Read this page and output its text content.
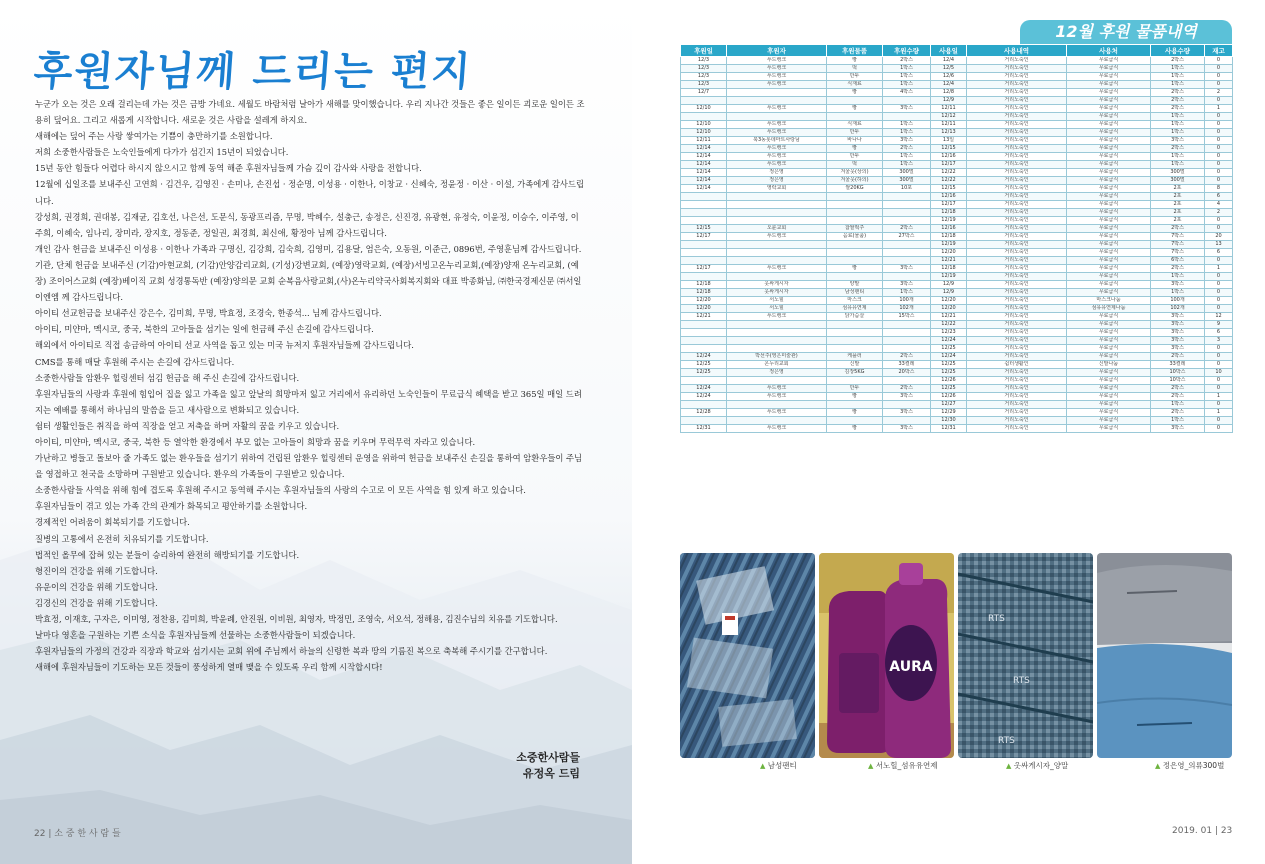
후원자님께 드리는 편지

누군가 오는 것은 오래 걸리는데 가는 것은 금방 가네요. 세월도 바람처럼 날아가 새해를 맞이했습니다. 우리 지나간 것들은 좋은 일이든 괴로운 일이든 조용히 덮어요. 그리고 새롭게 시작합니다. 새로운 것은 사람을 설레게 하지요.

새해에는 덮어 주는 사랑 쌓여가는 기쁨이 충만하기를 소원합니다.

저희 소중한사람들은 노숙인들에게 다가가 섬긴지 15년이 되었습니다.

15년 동안 힘들다 어렵다 하시지 않으시고 함께 동역 해준 후원자님들께 가슴 깊이 감사와 사랑을 전합니다.

12월에 십일조를 보내주신 고연희 · 김건우, 김영진 · 손미나, 손진섭 · 정순명, 이성용 · 이한나, 이창교 · 신혜숙, 정윤정 · 이산 · 이설, 가족에게 감사드립니다.

강성희, 권경희, 권대봉, 김재균, 김호선, 나은선, 도문식, 동광프리즘, 무명, 박혜수, 설충근, 송정은, 신진경, 유광현, 유정숙, 이윤정, 이승수, 이주영, 이주희, 이혜숙, 임나리, 장미라, 장지호, 정동준, 정일권, 최경희, 최신애, 황정아 님께 감사드립니다.

개인 감사 헌금을 보내주신 이성용 · 이한나 가족과 구명신, 김강희, 김숙희, 김영미, 김용달, 엄은숙, 오동원, 이준근, 0896번, 주영훈님께 감사드립니다.

기관, 단체 헌금을 보내주신 (기감)아현교회, (기감)안양감리교회, (기성)강변교회, (예장)영락교회, (예장)서빙고온누리교회,(예장)양재 온누리교회, (예장) 조이어스교회 (예장)베이직 교회 성경통독반 (예장)양의문 교회 순복음사랑교회,(사)온누리약국사회복지회와 대표 박종화님, ㈜한국경제신문 ㈜서일이엔엠 께 감사드립니다.

아이티 선교헌금을 보내주신 강은수, 김미희, 무명, 박효정, 조경숙, 한종석... 님께 감사드립니다.

아이티, 미얀마, 멕시코, 중국, 북한의 고아들을 섬기는 일에 헌금해 주신 손길에 감사드립니다.

해외에서 아이티로 직접 송금하여 아이티 선교 사역을 돕고 있는 미국 뉴저지 후원자님들께 감사드립니다.

CMS를 통해 매달 후원해 주시는 손길에 감사드립니다.

소중한사람들 암환우 힐링센터 섬김 헌금을 해 주신 손길에 감사드립니다.

후원자님들의 사랑과 후원에 힘입어 집을 잃고 가족을 잃고 앞날의 희망마저 잃고 거리에서 유리하던 노숙인들이 무료급식 혜택을 받고 365일 매일 드려지는 예배를 통해서 하나님의 말씀을 듣고 새사람으로 변화되고 있습니다.

쉼터 생활인들은 취직을 하여 직장을 얻고 저축을 하며 자활의 꿈을 키우고 있습니다.

아이티, 미얀마, 멕시코, 중국, 북한 등 열악한 환경에서 부모 없는 고아들이 희망과 꿈을 키우며 무럭무럭 자라고 있습니다.

가난하고 병들고 돌보아 줄 가족도 없는 환우들을 섬기기 위하여 건립된 암환우 힐링센터 운영을 위하여 헌금을 보내주신 손길을 통하여 암환우들이 주님을 영접하고 천국을 소망하며 구원받고 있습니다. 환우의 가족들이 구원받고 있습니다.

소중한사람들 사역을 위해 힘에 겹도록 후원해 주시고 동역해 주시는 후원자님들의 사랑의 수고로 이 모든 사역을 힘 있게 하고 있습니다.

후원자님들이 겪고 있는 가족 간의 관계가 화목되고 평안하기를 소원합니다.

경제적인 어려움이 회복되기를 기도합니다.

질병의 고통에서 온전히 치유되기를 기도합니다.

법적인 올무에 잡혀 있는 분들이 승리하여 완전히 해방되기를 기도합니다.

형진이의 건강을 위해 기도합니다.

유운이의 건강을 위해 기도합니다.

김경신의 건강을 위해 기도합니다.

박효정, 이재호, 구자은, 이미영, 정찬용, 김미희, 박윤례, 안진원, 이비원, 최영자, 박정민, 조영숙, 서오석, 정해용, 김진수님의 치유를 기도합니다.

날마다 영혼을 구원하는 기쁜 소식을 후원자님들께 선물하는 소중한사람들이 되겠습니다.

후원자님들의 가정의 건강과 직장과 학교와 섬기시는 교회 위에 주님께서 하늘의 신령한 복과 땅의 기름진 복으로 축복해 주시기를 간구합니다.

새해에 후원자님들이 기도하는 모든 것들이 풍성하게 열매 맺을 수 있도록 우리 함께 시작합시다!

소중한사람들
유정옥 드림
22 | 소 중 한 사 람 들
12월 후원 물품내역
후원일	후원자	후원물품	후원수량	사용일	사용내역	사용처	사용수량	재고
12/3	푸드뱅크	빵	2박스	12/4	거리노숙인	무료급식	2박스	0
12/3	푸드뱅크	떡	1박스	12/5	거리노숙인	무료급식	1박스	0
12/3	푸드뱅크	만두	1박스	12/6	거리노숙인	무료급식	1박스	0
12/3	푸드뱅크	식재료	1박스	12/4	거리노숙인	무료급식	1박스	0
12/7		빵	4박스	12/8	거리노숙인	무료급식	2박스	2
				12/9	거리노숙인	무료급식	2박스	0
12/10	푸드뱅크	빵	3박스	12/11	거리노숙인	무료급식	2박스	1
				12/12	거리노숙인	무료급식	1박스	0
12/10	푸드뱅크	식재료	1박스	12/11	거리노숙인	무료급식	1박스	0
12/10	푸드뱅크	만두	1박스	12/13	거리노숙인	무료급식	1박스	0
12/11	북3동롯데마트사랑님	바나나	3박스	13일	거리노숙인	무료급식	3박스	0
12/14	푸드뱅크	빵	2박스	12/15	거리노숙인	무료급식	2박스	0
12/14	푸드뱅크	만두	1박스	12/16	거리노숙인	무료급식	1박스	0
12/14	푸드뱅크	떡	1박스	12/17	거리노숙인	무료급식	1박스	0
12/14	정은영	겨울옷(상의)	300벌	12/22	거리노숙인	무료급식	300벌	0
12/14	정은영	겨울옷(하의)	300벌	12/22	거리노숙인	무료급식	300벌	0
12/14	영락교회	쌀20KG	10포	12/15	거리노숙인	무료급식	2포	8
				12/16	거리노숙인	무료급식	2포	6
				12/17	거리노숙인	무료급식	2포	4
				12/18	거리노숙인	무료급식	2포	2
				12/19	거리노숙인	무료급식	2포	0
12/15	오륜교회	찹쌀떡주	2박스	12/16	거리노숙인	무료급식	2박스	0
12/17	푸드뱅크	음료(물품)	27박스	12/18	거리노숙인	무료급식	7박스	20
				12/19	거리노숙인	무료급식	7박스	13
				12/20	거리노숙인	무료급식	7박스	6
				12/21	거리노숙인	무료급식	6박스	0
12/17	푸드뱅크	빵	3박스	12/18	거리노숙인	무료급식	2박스	1
				12/19	거리노숙인	무료급식	1박스	0
12/18	옷싸게시자	양말	3박스	12/9	거리노숙인	무료급식	3박스	0
12/18	옷싸게시자	남성팬티	1박스	12/9	거리노숙인	무료급식	1박스	0
12/20	서노힐	마스크	100개	12/20	거리노숙인	마스크나눔	100개	0
12/20	서노힐	섬유유연제	102개	12/20	거리노숙인	섬유유연제나눔	102개	0
12/21	푸드뱅크	닭가슴살	15박스	12/21	거리노숙인	무료급식	3박스	12
				12/22	거리노숙인	무료급식	3박스	9
				12/23	거리노숙인	무료급식	3박스	6
				12/24	거리노숙인	무료급식	3박스	3
				12/25	거리노숙인	무료급식	3박스	0
12/24	박선주(영은미술관)	케플러	2박스	12/24	거리노숙인	무료급식	2박스	0
12/25	온누리교회	신발	33켤레	12/25	쉼터생활인	신발나눔	33켤레	0
12/25	정은영	김장5KG	20박스	12/25	거리노숙인	무료급식	10박스	10
				12/26	거리노숙인	무료급식	10박스	0
12/24	푸드뱅크	만두	2박스	12/25	거리노숙인	무료급식	2박스	0
12/24	푸드뱅크	빵	3박스	12/26	거리노숙인	무료급식	2박스	1
				12/27	거리노숙인	무료급식	1박스	0
12/28	푸드뱅크	빵	3박스	12/29	거리노숙인	무료급식	2박스	1
				12/30	거리노숙인	무료급식	1박스	0
12/31	푸드뱅크	빵	3박스	12/31	거리노숙인	무료급식	3박스	0
▲ 남성팬티
AURA
▲ 서노힐_섬유유연제
RTS
RTS
RTS
▲ 옷싸게시자_양말	▲ 정은영_의류300벌
2019. 01 | 23
